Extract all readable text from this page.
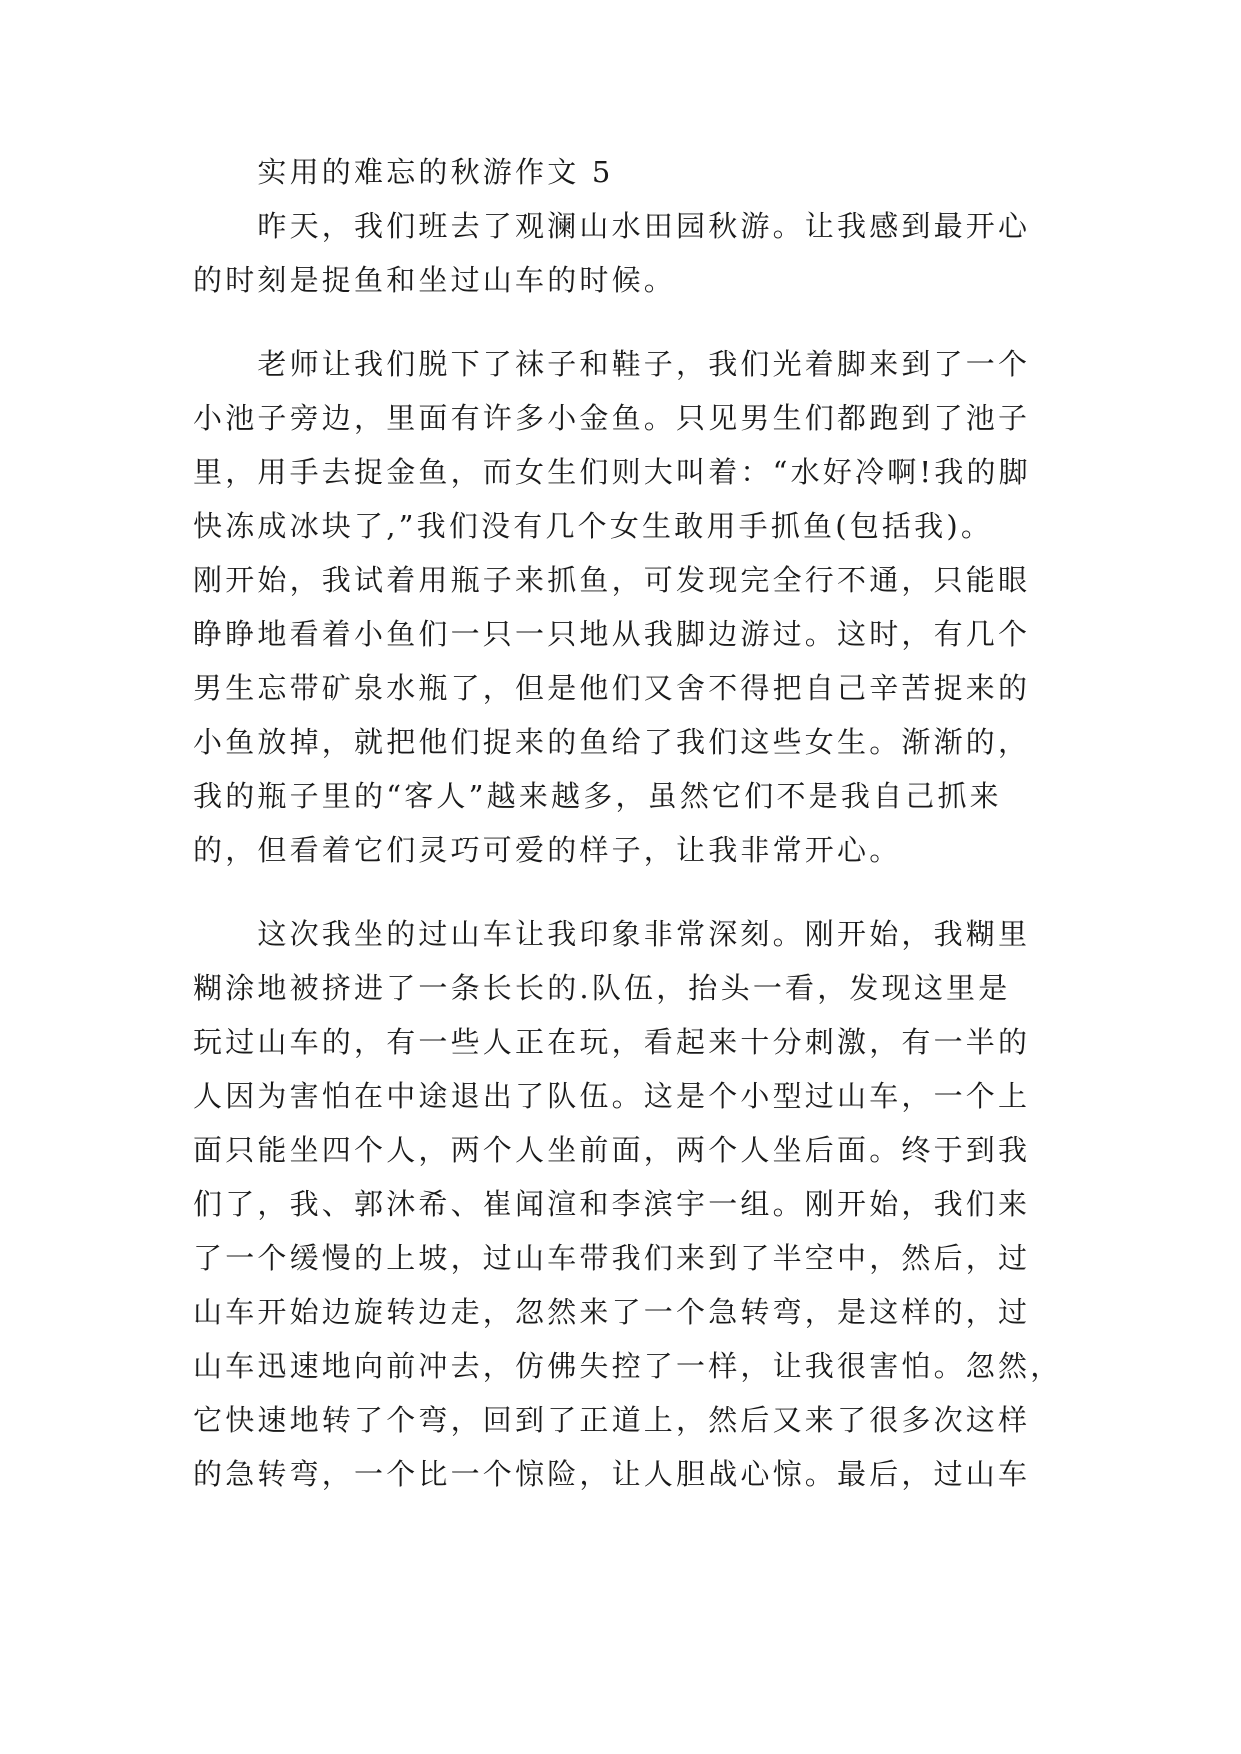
　　实用的难忘的秋游作文 5
　　昨天，我们班去了观澜山水田园秋游。让我感到最开心
的时刻是捉鱼和坐过山车的时候。
　　老师让我们脱下了袜子和鞋子，我们光着脚来到了一个
小池子旁边，里面有许多小金鱼。只见男生们都跑到了池子
里，用手去捉金鱼，而女生们则大叫着：“水好冷啊!我的脚
快冻成冰块了,”我们没有几个女生敢用手抓鱼(包括我)。
刚开始，我试着用瓶子来抓鱼，可发现完全行不通，只能眼
睁睁地看着小鱼们一只一只地从我脚边游过。这时，有几个
男生忘带矿泉水瓶了，但是他们又舍不得把自己辛苦捉来的
小鱼放掉，就把他们捉来的鱼给了我们这些女生。渐渐的，
我的瓶子里的“客人”越来越多，虽然它们不是我自己抓来
的，但看着它们灵巧可爱的样子，让我非常开心。
　　这次我坐的过山车让我印象非常深刻。刚开始，我糊里
糊涂地被挤进了一条长长的.队伍，抬头一看，发现这里是
玩过山车的，有一些人正在玩，看起来十分刺激，有一半的
人因为害怕在中途退出了队伍。这是个小型过山车，一个上
面只能坐四个人，两个人坐前面，两个人坐后面。终于到我
们了，我、郭沐希、崔闻渲和李滨宇一组。刚开始，我们来
了一个缓慢的上坡，过山车带我们来到了半空中，然后，过
山车开始边旋转边走，忽然来了一个急转弯，是这样的，过
山车迅速地向前冲去，仿佛失控了一样，让我很害怕。忽然，
它快速地转了个弯，回到了正道上，然后又来了很多次这样
的急转弯，一个比一个惊险，让人胆战心惊。最后，过山车
